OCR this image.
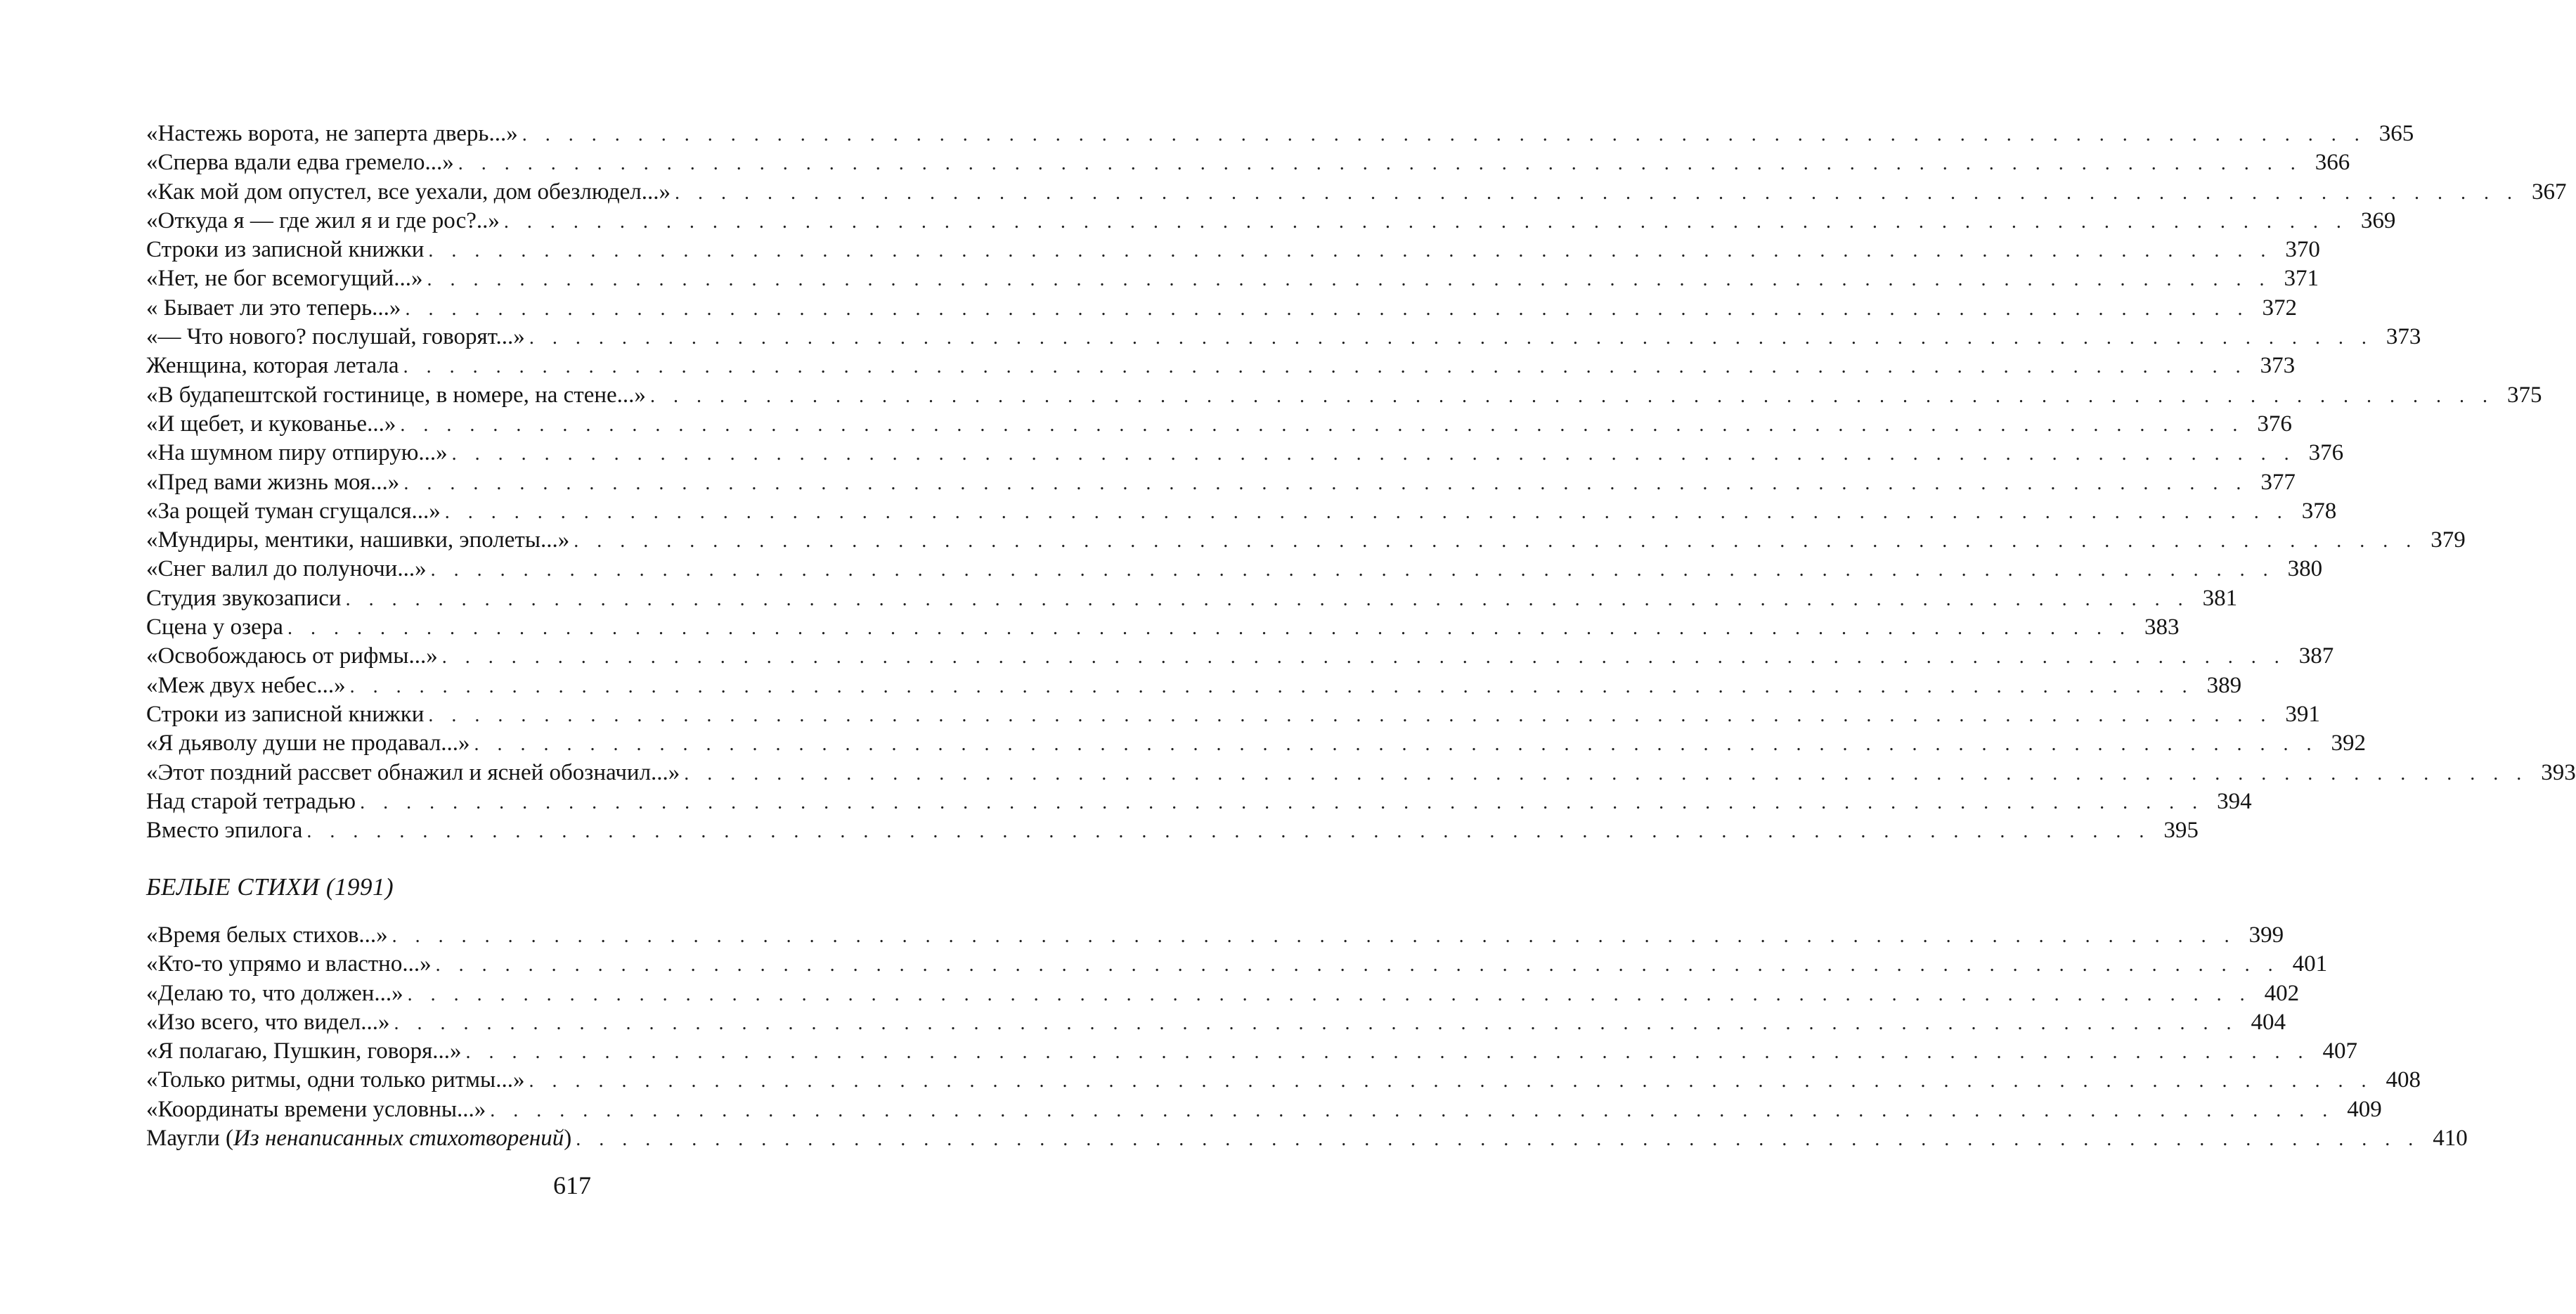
«Настежь ворота, не заперта дверь...» . . . . . . . . . . . . . . . . . . . . . . . . . . . . . . . . . . . . . . . . . . . . . . . . . . . . . . . . . . . . . . . . . . . . . . . . . . . . . . . . 365
«Сперва вдали едва гремело...» . . . . . . . . . . . . . . . . . . . . . . . . . . . . . . . . . . . . . . . . . . . . . . . . . . . . . . . . . . . . . . . . . . . . . . . . . . . . . . . . 366
«Как мой дом опустел, все уехали, дом обезлюдел...» . . . . . . . . . . . . . . . . . . . . . . . . . . . . . . . . . . . . . . . . . . . . . . . . . . . . . . . . . . . . . . . . . . . . . . . . . . . . . . . . 367
«Откуда я — где жил я и где рос?..» . . . . . . . . . . . . . . . . . . . . . . . . . . . . . . . . . . . . . . . . . . . . . . . . . . . . . . . . . . . . . . . . . . . . . . . . . . . . . . . . 369
Строки из записной книжки . . . . . . . . . . . . . . . . . . . . . . . . . . . . . . . . . . . . . . . . . . . . . . . . . . . . . . . . . . . . . . . . . . . . . . . . . . . . . . . . 370
«Нет, не бог всемогущий...» . . . . . . . . . . . . . . . . . . . . . . . . . . . . . . . . . . . . . . . . . . . . . . . . . . . . . . . . . . . . . . . . . . . . . . . . . . . . . . . . 371
« Бывает ли это теперь...» . . . . . . . . . . . . . . . . . . . . . . . . . . . . . . . . . . . . . . . . . . . . . . . . . . . . . . . . . . . . . . . . . . . . . . . . . . . . . . . . 372
«— Что нового? послушай, говорят...» . . . . . . . . . . . . . . . . . . . . . . . . . . . . . . . . . . . . . . . . . . . . . . . . . . . . . . . . . . . . . . . . . . . . . . . . . . . . . . . . 373
Женщина, которая летала . . . . . . . . . . . . . . . . . . . . . . . . . . . . . . . . . . . . . . . . . . . . . . . . . . . . . . . . . . . . . . . . . . . . . . . . . . . . . . . . 373
«В будапештской гостинице, в номере, на стене...» . . . . . . . . . . . . . . . . . . . . . . . . . . . . . . . . . . . . . . . . . . . . . . . . . . . . . . . . . . . . . . . . . . . . . . . . . . . . . . . . 375
«И щебет, и кукованье...» . . . . . . . . . . . . . . . . . . . . . . . . . . . . . . . . . . . . . . . . . . . . . . . . . . . . . . . . . . . . . . . . . . . . . . . . . . . . . . . . 376
«На шумном пиру отпирую...» . . . . . . . . . . . . . . . . . . . . . . . . . . . . . . . . . . . . . . . . . . . . . . . . . . . . . . . . . . . . . . . . . . . . . . . . . . . . . . . . 376
«Пред вами жизнь моя...» . . . . . . . . . . . . . . . . . . . . . . . . . . . . . . . . . . . . . . . . . . . . . . . . . . . . . . . . . . . . . . . . . . . . . . . . . . . . . . . . 377
«За рощей туман сгущался...» . . . . . . . . . . . . . . . . . . . . . . . . . . . . . . . . . . . . . . . . . . . . . . . . . . . . . . . . . . . . . . . . . . . . . . . . . . . . . . . . 378
«Мундиры, ментики, нашивки, эполеты...» . . . . . . . . . . . . . . . . . . . . . . . . . . . . . . . . . . . . . . . . . . . . . . . . . . . . . . . . . . . . . . . . . . . . . . . . . . . . . . . . 379
«Снег валил до полуночи...» . . . . . . . . . . . . . . . . . . . . . . . . . . . . . . . . . . . . . . . . . . . . . . . . . . . . . . . . . . . . . . . . . . . . . . . . . . . . . . . . 380
Студия звукозаписи . . . . . . . . . . . . . . . . . . . . . . . . . . . . . . . . . . . . . . . . . . . . . . . . . . . . . . . . . . . . . . . . . . . . . . . . . . . . . . . . 381
Сцена у озера . . . . . . . . . . . . . . . . . . . . . . . . . . . . . . . . . . . . . . . . . . . . . . . . . . . . . . . . . . . . . . . . . . . . . . . . . . . . . . . . 383
«Освобождаюсь от рифмы...» . . . . . . . . . . . . . . . . . . . . . . . . . . . . . . . . . . . . . . . . . . . . . . . . . . . . . . . . . . . . . . . . . . . . . . . . . . . . . . . . 387
«Меж двух небес...» . . . . . . . . . . . . . . . . . . . . . . . . . . . . . . . . . . . . . . . . . . . . . . . . . . . . . . . . . . . . . . . . . . . . . . . . . . . . . . . . 389
Строки из записной книжки . . . . . . . . . . . . . . . . . . . . . . . . . . . . . . . . . . . . . . . . . . . . . . . . . . . . . . . . . . . . . . . . . . . . . . . . . . . . . . . . 391
«Я дьяволу души не продавал...» . . . . . . . . . . . . . . . . . . . . . . . . . . . . . . . . . . . . . . . . . . . . . . . . . . . . . . . . . . . . . . . . . . . . . . . . . . . . . . . . 392
«Этот поздний рассвет обнажил и ясней обозначил...» . . . . . . . . . . . . . . . . . . . . . . . . . . . . . . . . . . . . . . . . . . . . . . . . . . . . . . . . . . . . . . . . . . . . . . . . . . . . . . . . 393
Над старой тетрадью . . . . . . . . . . . . . . . . . . . . . . . . . . . . . . . . . . . . . . . . . . . . . . . . . . . . . . . . . . . . . . . . . . . . . . . . . . . . . . . . 394
Вместо эпилога . . . . . . . . . . . . . . . . . . . . . . . . . . . . . . . . . . . . . . . . . . . . . . . . . . . . . . . . . . . . . . . . . . . . . . . . . . . . . . . . 395
БЕЛЫЕ СТИХИ (1991)
«Время белых стихов...» . . . . . . . . . . . . . . . . . . . . . . . . . . . . . . . . . . . . . . . . . . . . . . . . . . . . . . . . . . . . . . . . . . . . . . . . . . . . . . . . 399
«Кто-то упрямо и властно...» . . . . . . . . . . . . . . . . . . . . . . . . . . . . . . . . . . . . . . . . . . . . . . . . . . . . . . . . . . . . . . . . . . . . . . . . . . . . . . . . 401
«Делаю то, что должен...» . . . . . . . . . . . . . . . . . . . . . . . . . . . . . . . . . . . . . . . . . . . . . . . . . . . . . . . . . . . . . . . . . . . . . . . . . . . . . . . . 402
«Изо всего, что видел...» . . . . . . . . . . . . . . . . . . . . . . . . . . . . . . . . . . . . . . . . . . . . . . . . . . . . . . . . . . . . . . . . . . . . . . . . . . . . . . . . 404
«Я полагаю, Пушкин, говоря...» . . . . . . . . . . . . . . . . . . . . . . . . . . . . . . . . . . . . . . . . . . . . . . . . . . . . . . . . . . . . . . . . . . . . . . . . . . . . . . . . 407
«Только ритмы, одни только ритмы...» . . . . . . . . . . . . . . . . . . . . . . . . . . . . . . . . . . . . . . . . . . . . . . . . . . . . . . . . . . . . . . . . . . . . . . . . . . . . . . . . 408
«Координаты времени условны...» . . . . . . . . . . . . . . . . . . . . . . . . . . . . . . . . . . . . . . . . . . . . . . . . . . . . . . . . . . . . . . . . . . . . . . . . . . . . . . . . 409
Маугли (Из ненаписанных стихотворений) . . . . . . . . . . . . . . . . . . . . . . . . . . . . . . . . . . . . . . . . . . . . . . . . . . . . . . . . . . . . . . . . . . . . . . . . . . . . . . . . 410
617
